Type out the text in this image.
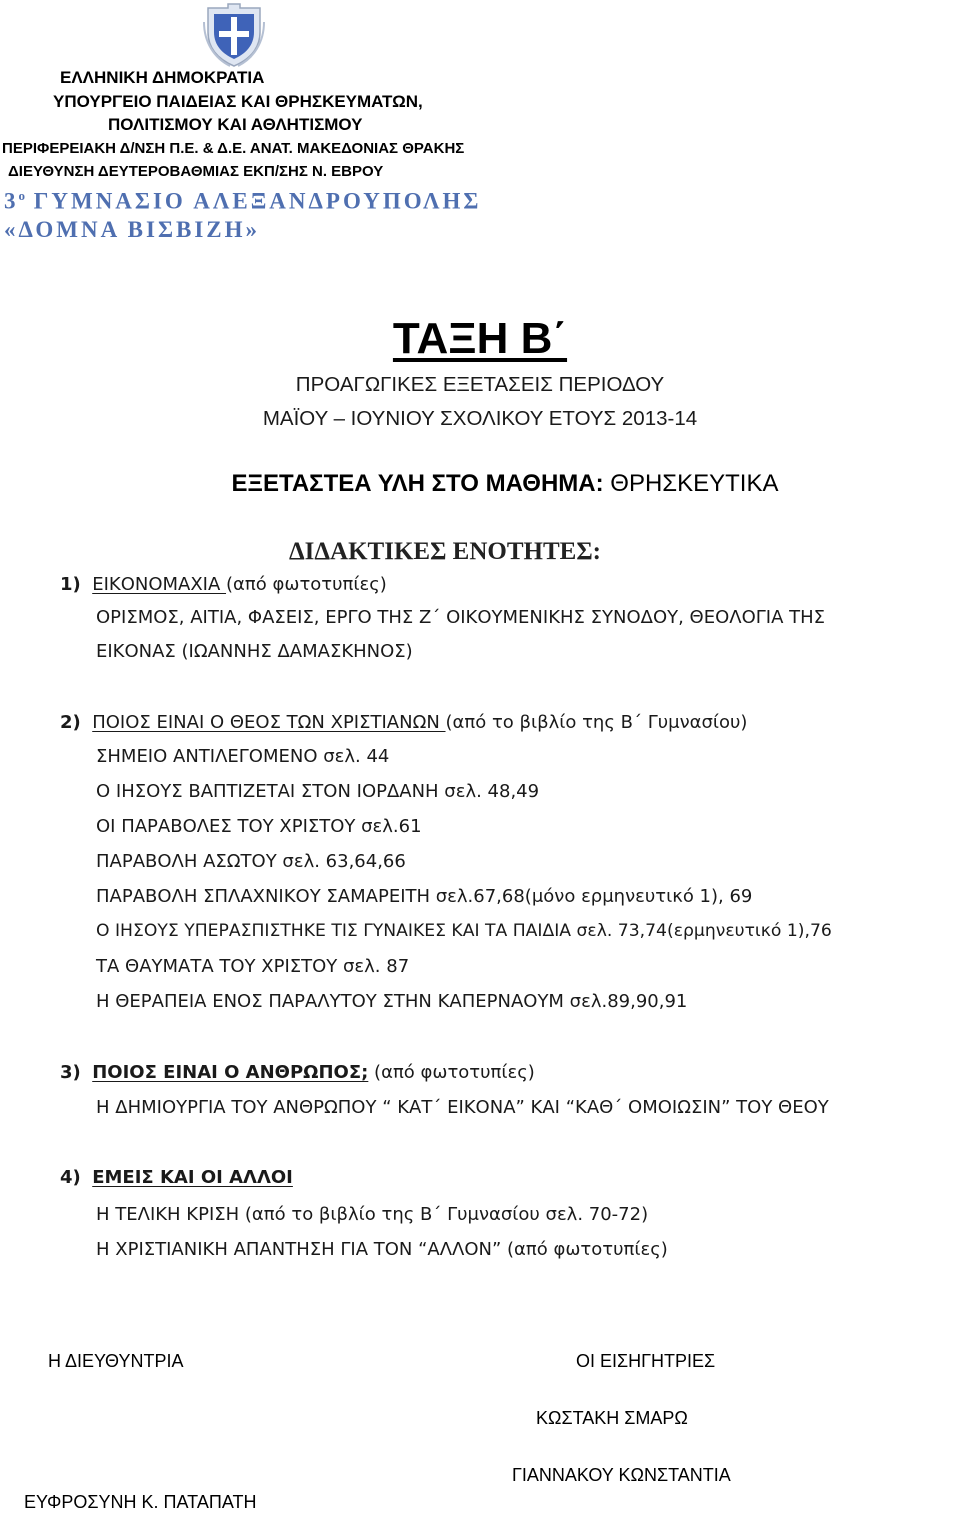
ΕΛΛΗΝΙΚΗ ΔΗΜΟΚΡΑΤΙΑ
ΥΠΟΥΡΓΕΙΟ ΠΑΙΔΕΙΑΣ ΚΑΙ ΘΡΗΣΚΕΥΜΑΤΩΝ,
ΠΟΛΙΤΙΣΜΟΥ ΚΑΙ ΑΘΛΗΤΙΣΜΟΥ
ΠΕΡΙΦΕΡΕΙΑΚΗ Δ/ΝΣΗ Π.Ε. & Δ.Ε. ΑΝΑΤ. ΜΑΚΕΔΟΝΙΑΣ ΘΡΑΚΗΣ
ΔΙΕΥΘΥΝΣΗ ΔΕΥΤΕΡΟΒΑΘΜΙΑΣ ΕΚΠ/ΣΗΣ Ν. ΕΒΡΟΥ
$3^o$ ΓΥΜΝΑΣΙΟ ΑΛΕΞΑΝΔΡΟΥΠΟΛΗΣ
«ΔΟΜΝΑ ΒΙΣΒΙΖΗ»
ΤΑΞΗ Β΄
ΠΡΟΑΓΩΓΙΚΕΣ ΕΞΕΤΑΣΕΙΣ ΠΕΡΙΟΔΟΥ
ΜΑΪΟΥ – ΙΟΥΝΙΟΥ ΣΧΟΛΙΚΟΥ ΕΤΟΥΣ 2013-14
ΕΞΕΤΑΣΤΕΑ ΥΛΗ ΣΤΟ ΜΑΘΗΜΑ: ΘΡΗΣΚΕΥΤΙΚΑ
ΔΙΔΑΚΤΙΚΕΣ ΕΝΟΤΗΤΕΣ:
1) ΕΙΚΟΝΟΜΑΧΙΑ (από φωτοτυπίες)
ΟΡΙΣΜΟΣ, ΑΙΤΙΑ, ΦΑΣΕΙΣ, ΕΡΓΟ ΤΗΣ Ζ΄ ΟΙΚΟΥΜΕΝΙΚΗΣ ΣΥΝΟΔΟΥ, ΘΕΟΛΟΓΙΑ ΤΗΣ
ΕΙΚΟΝΑΣ (ΙΩΑΝΝΗΣ ΔΑΜΑΣΚΗΝΟΣ)
2) ΠΟΙΟΣ ΕΙΝΑΙ Ο ΘΕΟΣ ΤΩΝ ΧΡΙΣΤΙΑΝΩΝ (από το βιβλίο της Β΄ Γυμνασίου)
ΣΗΜΕΙΟ ΑΝΤΙΛΕΓΟΜΕΝΟ σελ. 44
Ο ΙΗΣΟΥΣ ΒΑΠΤΙΖΕΤΑΙ ΣΤΟΝ ΙΟΡΔΑΝΗ σελ. 48,49
ΟΙ ΠΑΡΑΒΟΛΕΣ ΤΟΥ ΧΡΙΣΤΟΥ σελ.61
ΠΑΡΑΒΟΛΗ ΑΣΩΤΟΥ σελ. 63,64,66
ΠΑΡΑΒΟΛΗ ΣΠΛΑΧΝΙΚΟΥ ΣΑΜΑΡΕΙΤΗ σελ.67,68(μόνο ερμηνευτικό 1), 69
Ο ΙΗΣΟΥΣ ΥΠΕΡΑΣΠΙΣΤΗΚΕ ΤΙΣ ΓΥΝΑΙΚΕΣ ΚΑΙ ΤΑ ΠΑΙΔΙΑ σελ. 73,74(ερμηνευτικό 1),76
ΤΑ ΘΑΥΜΑΤΑ ΤΟΥ ΧΡΙΣΤΟΥ σελ. 87
Η ΘΕΡΑΠΕΙΑ ΕΝΟΣ ΠΑΡΑΛΥΤΟΥ ΣΤΗΝ ΚΑΠΕΡΝΑΟΥΜ σελ.89,90,91
3) ΠΟΙΟΣ ΕΙΝΑΙ Ο ΑΝΘΡΩΠΟΣ; (από φωτοτυπίες)
Η ΔΗΜΙΟΥΡΓΙΑ ΤΟΥ ΑΝΘΡΩΠΟΥ “ ΚΑΤ΄ ΕΙΚΟΝΑ” ΚΑΙ “ΚΑΘ΄ ΟΜΟΙΩΣΙΝ” ΤΟΥ ΘΕΟΥ
4) ΕΜΕΙΣ ΚΑΙ ΟΙ ΑΛΛΟΙ
Η ΤΕΛΙΚΗ ΚΡΙΣΗ (από το βιβλίο της Β΄ Γυμνασίου σελ. 70-72)
Η ΧΡΙΣΤΙΑΝΙΚΗ ΑΠΑΝΤΗΣΗ ΓΙΑ ΤΟΝ “ΑΛΛΟΝ” (από φωτοτυπίες)
Η ΔΙΕΥΘΥΝΤΡΙΑ	ΟΙ ΕΙΣΗΓΗΤΡΙΕΣ
ΚΩΣΤΑΚΗ ΣΜΑΡΩ
ΓΙΑΝΝΑΚΟΥ ΚΩΝΣΤΑΝΤΙΑ
ΕΥΦΡΟΣΥΝΗ Κ. ΠΑΤΑΠΑΤΗ
